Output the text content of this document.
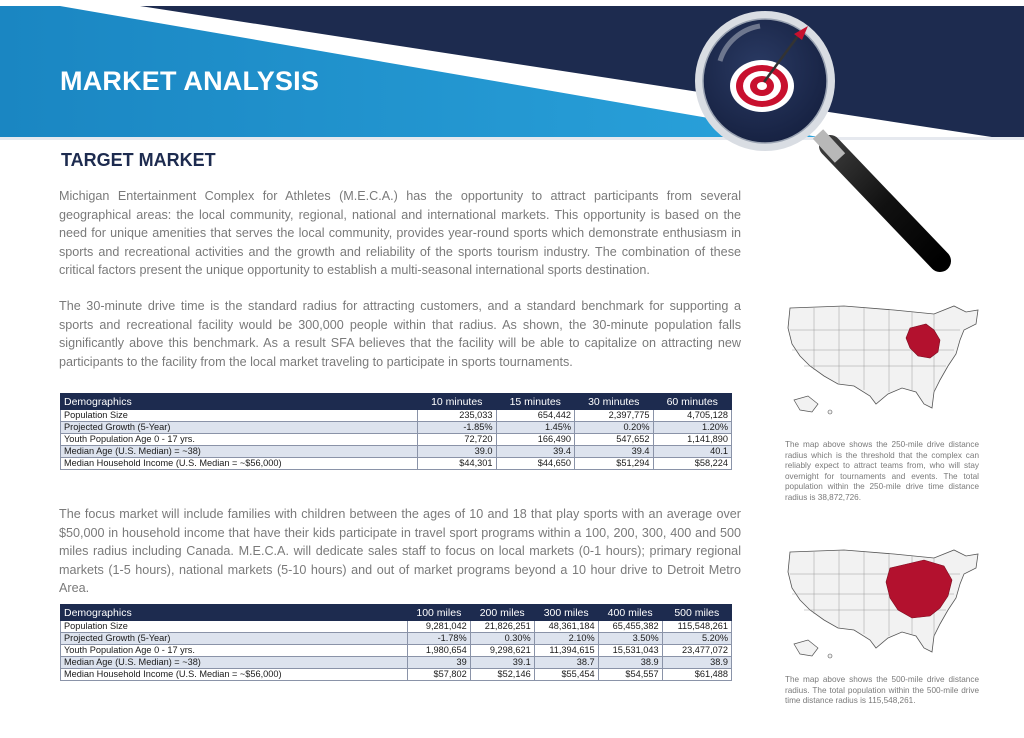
MARKET ANALYSIS
TARGET MARKET

Michigan Entertainment Complex for Athletes (M.E.C.A.) has the opportunity to attract participants from several geographical areas: the local community, regional, national and international markets. This opportunity is based on the need for unique amenities that serves the local community, provides year-round sports which demonstrate enthusiasm in sports and recreational activities and the growth and reliability of the sports tourism industry. The combination of these critical factors present the unique opportunity to establish a multi-seasonal international sports destination.

The 30-minute drive time is the standard radius for attracting customers, and a standard benchmark for supporting a sports and recreational facility would be 300,000 people within that radius. As shown, the 30-minute population falls significantly above this benchmark. As a result SFA believes that the facility will be able to capitalize on attracting new participants to the facility from the local market traveling to participate in sports tournaments.

Demographics	10 minutes	15 minutes	30 minutes	60 minutes
Population Size	235,033	654,442	2,397,775	4,705,128
Projected Growth (5-Year)	-1.85%	1.45%	0.20%	1.20%
Youth Population Age 0 - 17 yrs.	72,720	166,490	547,652	1,141,890
Median Age (U.S. Median) = ~38)	39.0	39.4	39.4	40.1
Median Household Income (U.S. Median = ~$56,000)	$44,301	$44,650	$51,294	$58,224

The focus market will include families with children between the ages of 10 and 18 that play sports with an average over $50,000 in household income that have their kids participate in travel sport programs within a 100, 200, 300, 400 and 500 miles radius including Canada. M.E.C.A. will dedicate sales staff to focus on local markets (0-1 hours); primary regional markets (1-5 hours), national markets (5-10 hours) and out of market programs beyond a 10 hour drive to Detroit Metro Area.

Demographics	100 miles	200 miles	300 miles	400 miles	500 miles
Population Size	9,281,042	21,826,251	48,361,184	65,455,382	115,548,261
Projected Growth (5-Year)	-1.78%	0.30%	2.10%	3.50%	5.20%
Youth Population Age 0 - 17 yrs.	1,980,654	9,298,621	11,394,615	15,531,043	23,477,072
Median Age (U.S. Median) = ~38)	39	39.1	38.7	38.9	38.9
Median Household Income (U.S. Median = ~$56,000)	$57,802	$52,146	$55,454	$54,557	$61,488

The map above shows the 250-mile drive distance radius which is the threshold that the complex can reliably expect to attract teams from, who will stay overnight for tournaments and events. The total population within the 250-mile drive time distance radius is 38,872,726.

The map above shows the 500-mile drive distance radius. The total population within the 500-mile drive time distance radius is 115,548,261.
